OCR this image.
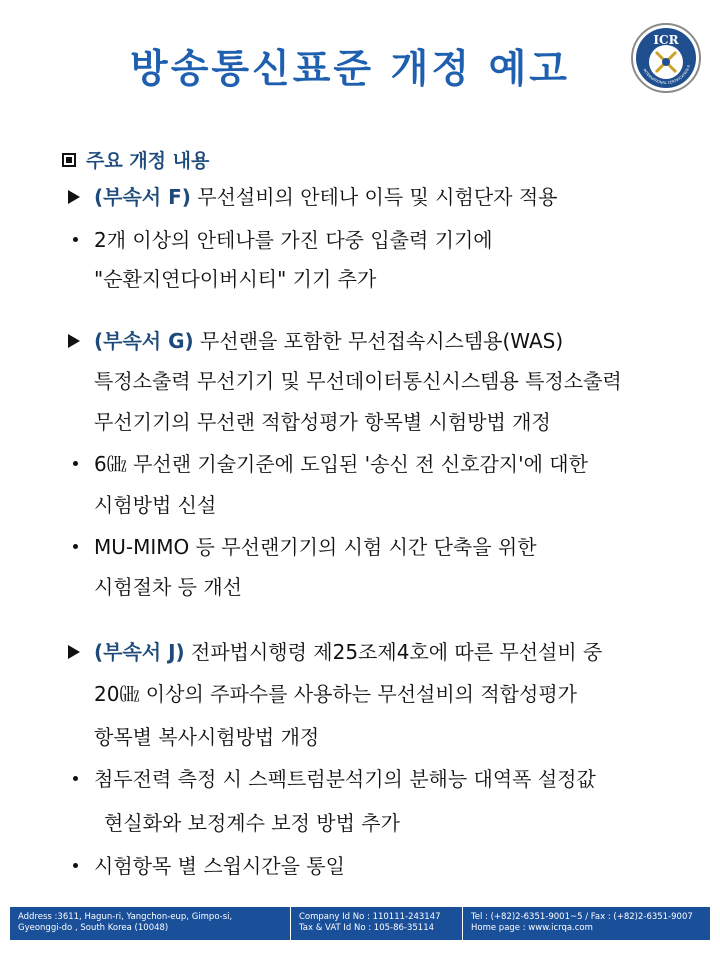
방송통신표준 개정 예고
ICR
INTERNATIONAL CERTIFICATION R
주요 개정 내용
(부속서 F) 무선설비의 안테나 이득 및 시험단자 적용
2개 이상의 안테나를 가진 다중 입출력 기기에
"순환지연다이버시티" 기기 추가
(부속서 G) 무선랜을 포함한 무선접속시스템용(WAS)
특정소출력 무선기기 및 무선데이터통신시스템용 특정소출력
무선기기의 무선랜 적합성평가 항목별 시험방법 개정
6㎓ 무선랜 기술기준에 도입된 '송신 전 신호감지'에 대한
시험방법 신설
MU-MIMO 등 무선랜기기의 시험 시간 단축을 위한
시험절차 등 개선
(부속서 J) 전파법시행령 제25조제4호에 따른 무선설비 중
20㎓ 이상의 주파수를 사용하는 무선설비의 적합성평가
항목별 복사시험방법 개정
첨두전력 측정 시 스펙트럼분석기의 분해능 대역폭 설정값
현실화와 보정계수 보정 방법 추가
시험항목 별 스윕시간을 통일
Address :3611, Hagun-ri, Yangchon-eup, Gimpo-si,
Gyeonggi-do , South Korea (10048)
Company Id No : 110111-243147
Tax & VAT Id No : 105-86-35114
Tel : (+82)2-6351-9001~5 / Fax : (+82)2-6351-9007
Home page : www.icrqa.com
